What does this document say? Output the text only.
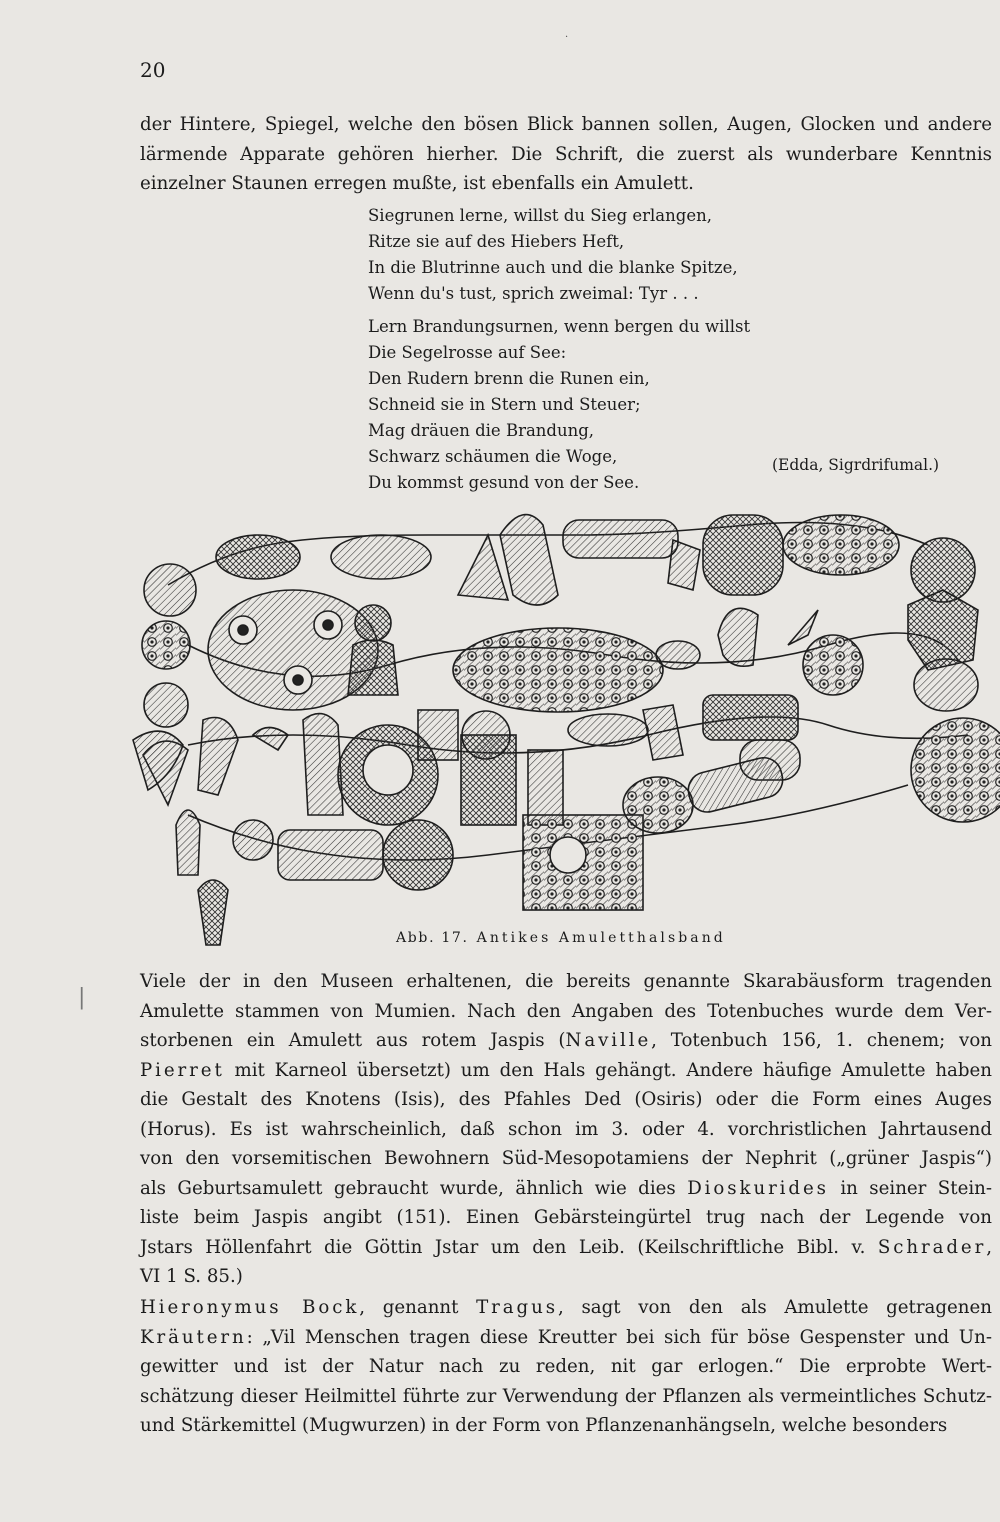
·
20
der Hintere, Spiegel, welche den bösen Blick bannen sollen, Augen, Glocken und andere
lärmende Apparate gehören hierher. Die Schrift, die zuerst als wunderbare Kenntnis
einzelner Staunen erregen mußte, ist ebenfalls ein Amulett.
Siegrunen lerne, willst du Sieg erlangen,
Ritze sie auf des Hiebers Heft,
In die Blutrinne auch und die blanke Spitze,
Wenn du's tust, sprich zweimal: Tyr . . .
Lern Brandungsurnen, wenn bergen du willst
Die Segelrosse auf See:
Den Rudern brenn die Runen ein,
Schneid sie in Stern und Steuer;
Mag dräuen die Brandung,
Schwarz schäumen die Woge,
Du kommst gesund von der See.
(Edda, Sigrdrifumal.)
Abb. 17. Antikes Amuletthalsband
|
Viele der in den Museen erhaltenen, die bereits genannte Skarabäusform tragenden
Amulette stammen von Mumien. Nach den Angaben des Totenbuches wurde dem Ver-
storbenen ein Amulett aus rotem Jaspis (Naville, Totenbuch 156, 1. chenem; von
Pierret mit Karneol übersetzt) um den Hals gehängt. Andere häufige Amulette haben
die Gestalt des Knotens (Isis), des Pfahles Ded (Osiris) oder die Form eines Auges
(Horus). Es ist wahrscheinlich, daß schon im 3. oder 4. vorchristlichen Jahrtausend
von den vorsemitischen Bewohnern Süd-Mesopotamiens der Nephrit („grüner Jaspis“)
als Geburtsamulett gebraucht wurde, ähnlich wie dies Dioskurides in seiner Stein-
liste beim Jaspis angibt (151). Einen Gebärsteingürtel trug nach der Legende von
Jstars Höllenfahrt die Göttin Jstar um den Leib. (Keilschriftliche Bibl. v. Schrader,
VI 1 S. 85.)
Hieronymus Bock, genannt Tragus, sagt von den als Amulette getragenen
Kräutern: „Vil Menschen tragen diese Kreutter bei sich für böse Gespenster und Un-
gewitter und ist der Natur nach zu reden, nit gar erlogen.“ Die erprobte Wert-
schätzung dieser Heilmittel führte zur Verwendung der Pflanzen als vermeintliches Schutz-
und Stärkemittel (Mugwurzen) in der Form von Pflanzenanhängseln, welche besonders
